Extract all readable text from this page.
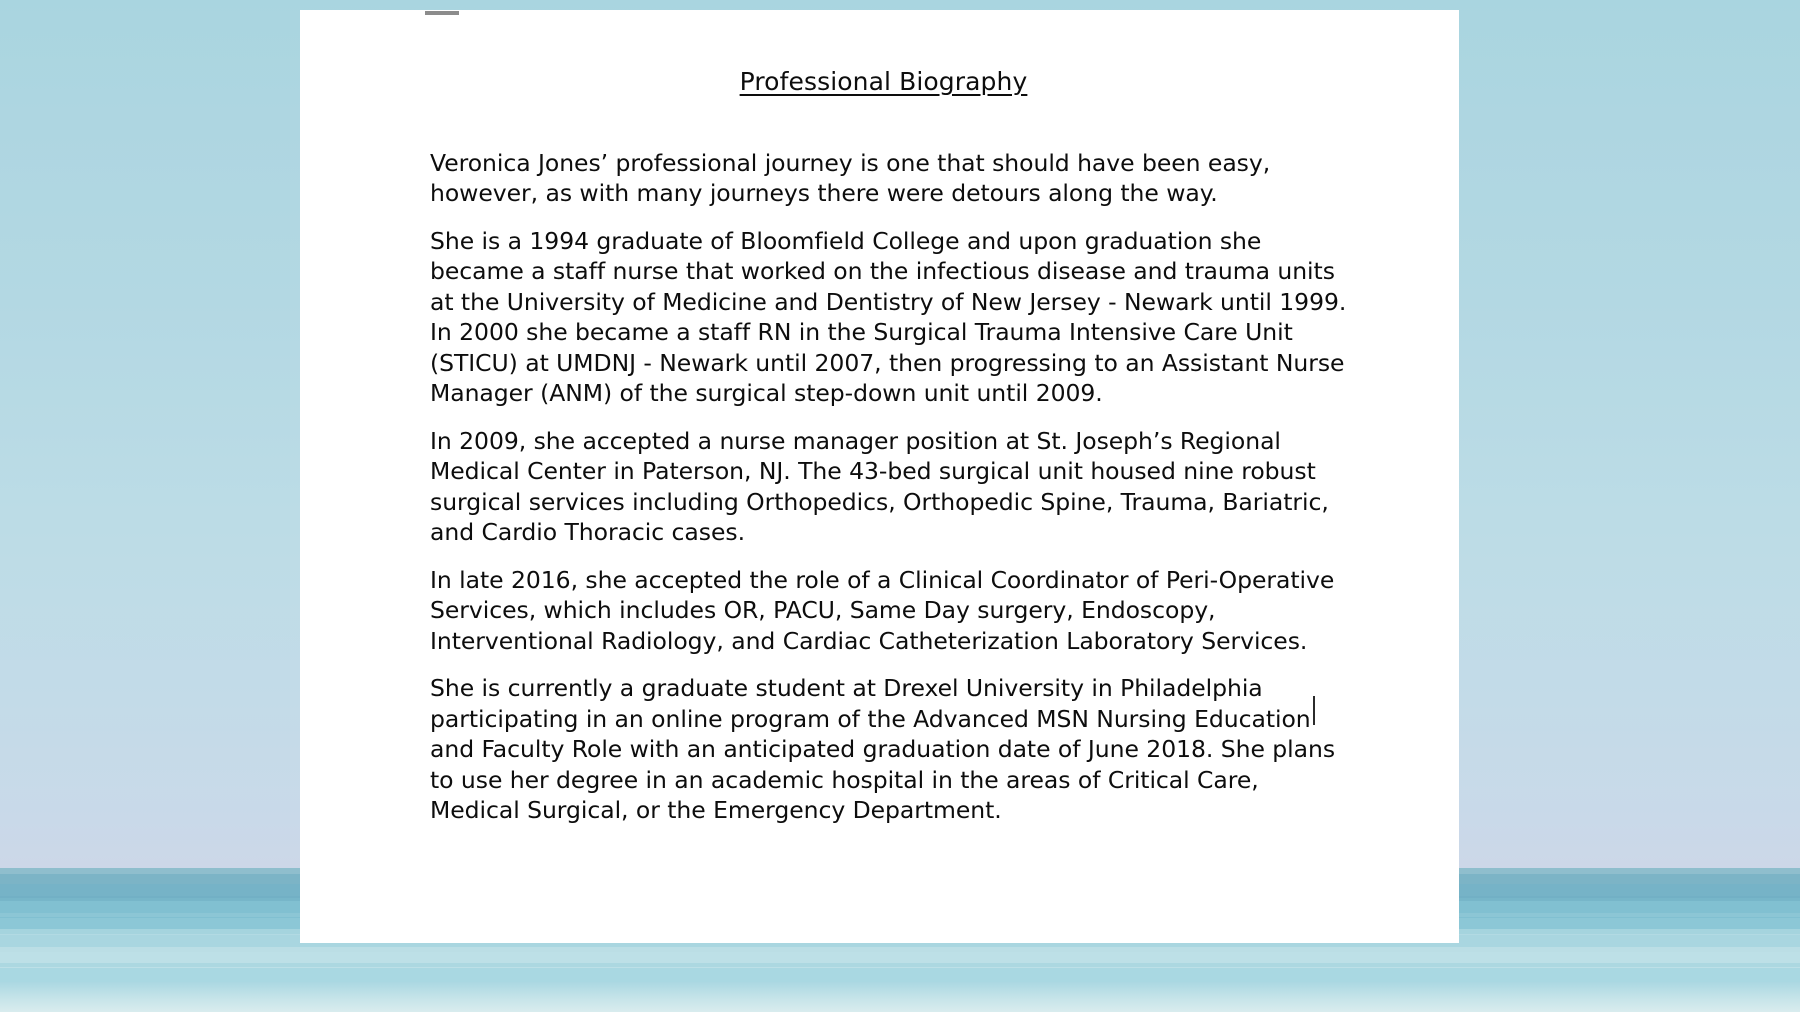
Professional Biography

Veronica Jones’ professional journey is one that should have been easy, however, as with many journeys there were detours along the way.

She is a 1994 graduate of Bloomfield College and upon graduation she became a staff nurse that worked on the infectious disease and trauma units at the University of Medicine and Dentistry of New Jersey - Newark until 1999. In 2000 she became a staff RN in the Surgical Trauma Intensive Care Unit (STICU) at UMDNJ - Newark until 2007, then progressing to an Assistant Nurse Manager (ANM) of the surgical step-down unit until 2009.

In 2009, she accepted a nurse manager position at St. Joseph’s Regional Medical Center in Paterson, NJ. The 43-bed surgical unit housed nine robust surgical services including Orthopedics, Orthopedic Spine, Trauma, Bariatric, and Cardio Thoracic cases.

In late 2016, she accepted the role of a Clinical Coordinator of Peri-Operative Services, which includes OR, PACU, Same Day surgery, Endoscopy, Interventional Radiology, and Cardiac Catheterization Laboratory Services.

She is currently a graduate student at Drexel University in Philadelphia participating in an online program of the Advanced MSN Nursing Education and Faculty Role with an anticipated graduation date of June 2018. She plans to use her degree in an academic hospital in the areas of Critical Care, Medical Surgical, or the Emergency Department.
